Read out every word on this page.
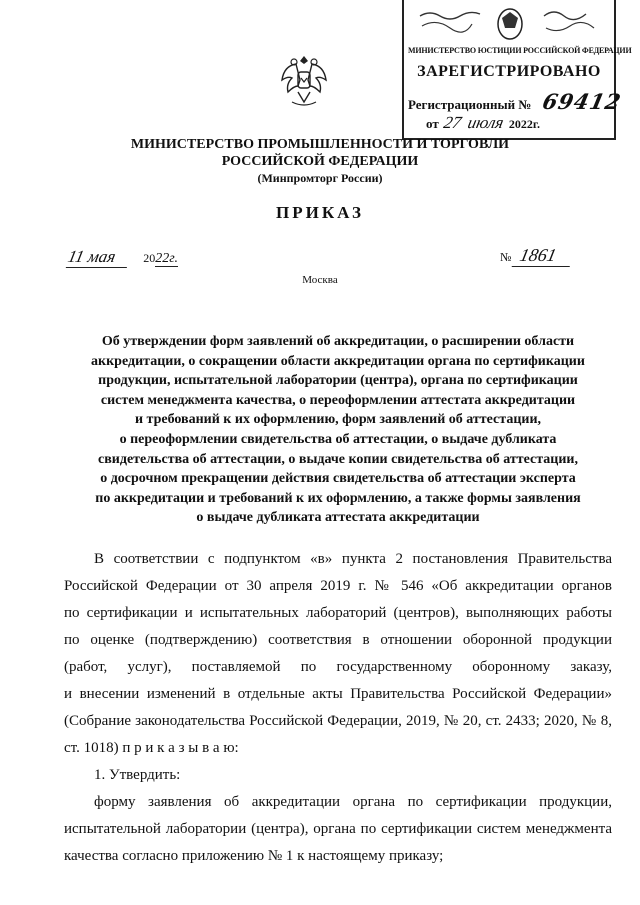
МИНИСТЕРСТВО ЮСТИЦИИ РОССИЙСКОЙ ФЕДЕРАЦИИ
ЗАРЕГИСТРИРОВАНО
Регистрационный № 69412
от 27 июля 2022г.
МИНИСТЕРСТВО ПРОМЫШЛЕННОСТИ И ТОРГОВЛИ
РОССИЙСКОЙ ФЕДЕРАЦИИ
(Минпромторг России)
ПРИКАЗ
11 мая 2022г.	№ 1861
Москва
Об утверждении форм заявлений об аккредитации, о расширении области
аккредитации, о сокращении области аккредитации органа по сертификации
продукции, испытательной лаборатории (центра), органа по сертификации
систем менеджмента качества, о переоформлении аттестата аккредитации
и требований к их оформлению, форм заявлений об аттестации,
о переоформлении свидетельства об аттестации, о выдаче дубликата
свидетельства об аттестации, о выдаче копии свидетельства об аттестации,
о досрочном прекращении действия свидетельства об аттестации эксперта
по аккредитации и требований к их оформлению, а также формы заявления
о выдаче дубликата аттестата аккредитации
В соответствии с подпунктом «в» пункта 2 постановления Правительства
Российской Федерации от 30 апреля 2019 г. № 546 «Об аккредитации органов
по сертификации и испытательных лабораторий (центров), выполняющих работы
по оценке (подтверждению) соответствия в отношении оборонной продукции
(работ, услуг), поставляемой по государственному оборонному заказу,
и внесении изменений в отдельные акты Правительства Российской Федерации»
(Собрание законодательства Российской Федерации, 2019, № 20, ст. 2433; 2020, № 8,
ст. 1018) п р и к а з ы в а ю:
1. Утвердить:
форму заявления об аккредитации органа по сертификации продукции,
испытательной лаборатории (центра), органа по сертификации систем менеджмента
качества согласно приложению № 1 к настоящему приказу;
